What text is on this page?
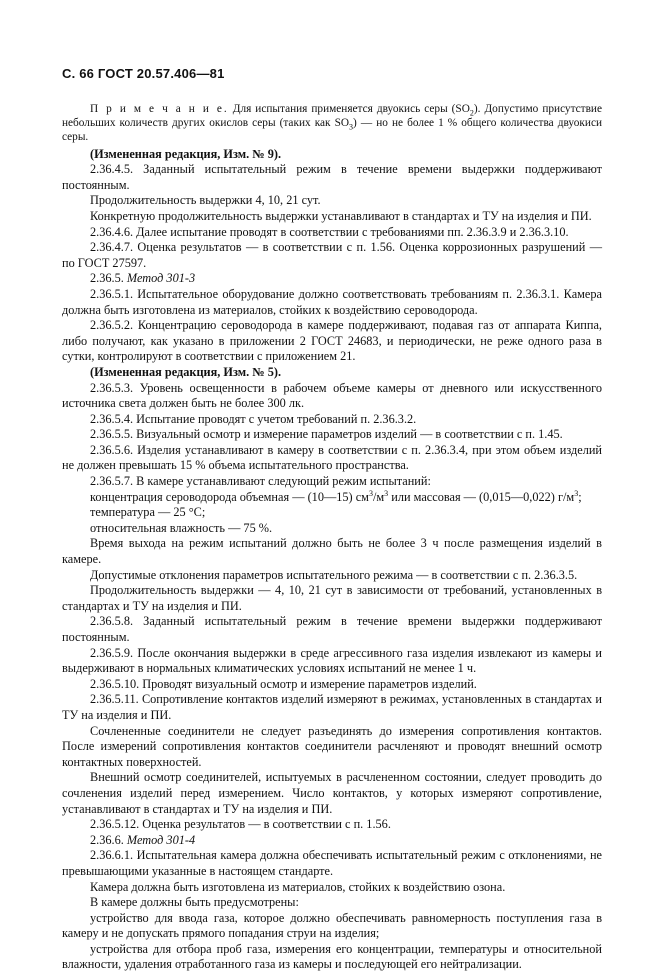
С. 66 ГОСТ 20.57.406—81

П р и м е ч а н и е. Для испытания применяется двуокись серы $(SO_2)$. Допустимо присутствие небольших количеств других окислов серы (таких как $SO_3$) — но не более 1 % общего количества двуокиси серы.

(Измененная редакция, Изм. № 9).

2.36.4.5. Заданный испытательный режим в течение времени выдержки поддерживают постоянным.

Продолжительность выдержки 4, 10, 21 сут.

Конкретную продолжительность выдержки устанавливают в стандартах и ТУ на изделия и ПИ.

2.36.4.6. Далее испытание проводят в соответствии с требованиями пп. 2.36.3.9 и 2.36.3.10.

2.36.4.7. Оценка результатов — в соответствии с п. 1.56. Оценка коррозионных разрушений — по ГОСТ 27597.

2.36.5. Метод 301-3

2.36.5.1. Испытательное оборудование должно соответствовать требованиям п. 2.36.3.1. Камера должна быть изготовлена из материалов, стойких к воздействию сероводорода.

2.36.5.2. Концентрацию сероводорода в камере поддерживают, подавая газ от аппарата Киппа, либо получают, как указано в приложении 2 ГОСТ 24683, и периодически, не реже одного раза в сутки, контролируют в соответствии с приложением 21.

(Измененная редакция, Изм. № 5).

2.36.5.3. Уровень освещенности в рабочем объеме камеры от дневного или искусственного источника света должен быть не более 300 лк.

2.36.5.4. Испытание проводят с учетом требований п. 2.36.3.2.

2.36.5.5. Визуальный осмотр и измерение параметров изделий — в соответствии с п. 1.45.

2.36.5.6. Изделия устанавливают в камеру в соответствии с п. 2.36.3.4, при этом объем изделий не должен превышать 15 % объема испытательного пространства.

2.36.5.7. В камере устанавливают следующий режим испытаний:

концентрация сероводорода объемная — (10—15) $см^3/м^3$ или массовая — (0,015—0,022) $г/м^3$;

температура — 25 °С;

относительная влажность — 75 %.

Время выхода на режим испытаний должно быть не более 3 ч после размещения изделий в камере.

Допустимые отклонения параметров испытательного режима — в соответствии с п. 2.36.3.5.

Продолжительность выдержки — 4, 10, 21 сут в зависимости от требований, установленных в стандартах и ТУ на изделия и ПИ.

2.36.5.8. Заданный испытательный режим в течение времени выдержки поддерживают постоянным.

2.36.5.9. После окончания выдержки в среде агрессивного газа изделия извлекают из камеры и выдерживают в нормальных климатических условиях испытаний не менее 1 ч.

2.36.5.10. Проводят визуальный осмотр и измерение параметров изделий.

2.36.5.11. Сопротивление контактов изделий измеряют в режимах, установленных в стандартах и ТУ на изделия и ПИ.

Сочлененные соединители не следует разъединять до измерения сопротивления контактов. После измерений сопротивления контактов соединители расчленяют и проводят внешний осмотр контактных поверхностей.

Внешний осмотр соединителей, испытуемых в расчлененном состоянии, следует проводить до сочленения изделий перед измерением. Число контактов, у которых измеряют сопротивление, устанавливают в стандартах и ТУ на изделия и ПИ.

2.36.5.12. Оценка результатов — в соответствии с п. 1.56.

2.36.6. Метод 301-4

2.36.6.1. Испытательная камера должна обеспечивать испытательный режим с отклонениями, не превышающими указанные в настоящем стандарте.

Камера должна быть изготовлена из материалов, стойких к воздействию озона.

В камере должны быть предусмотрены:

устройство для ввода газа, которое должно обеспечивать равномерность поступления газа в камеру и не допускать прямого попадания струи на изделия;

устройства для отбора проб газа, измерения его концентрации, температуры и относительной влажности, удаления отработанного газа из камеры и последующей его нейтрализации.
